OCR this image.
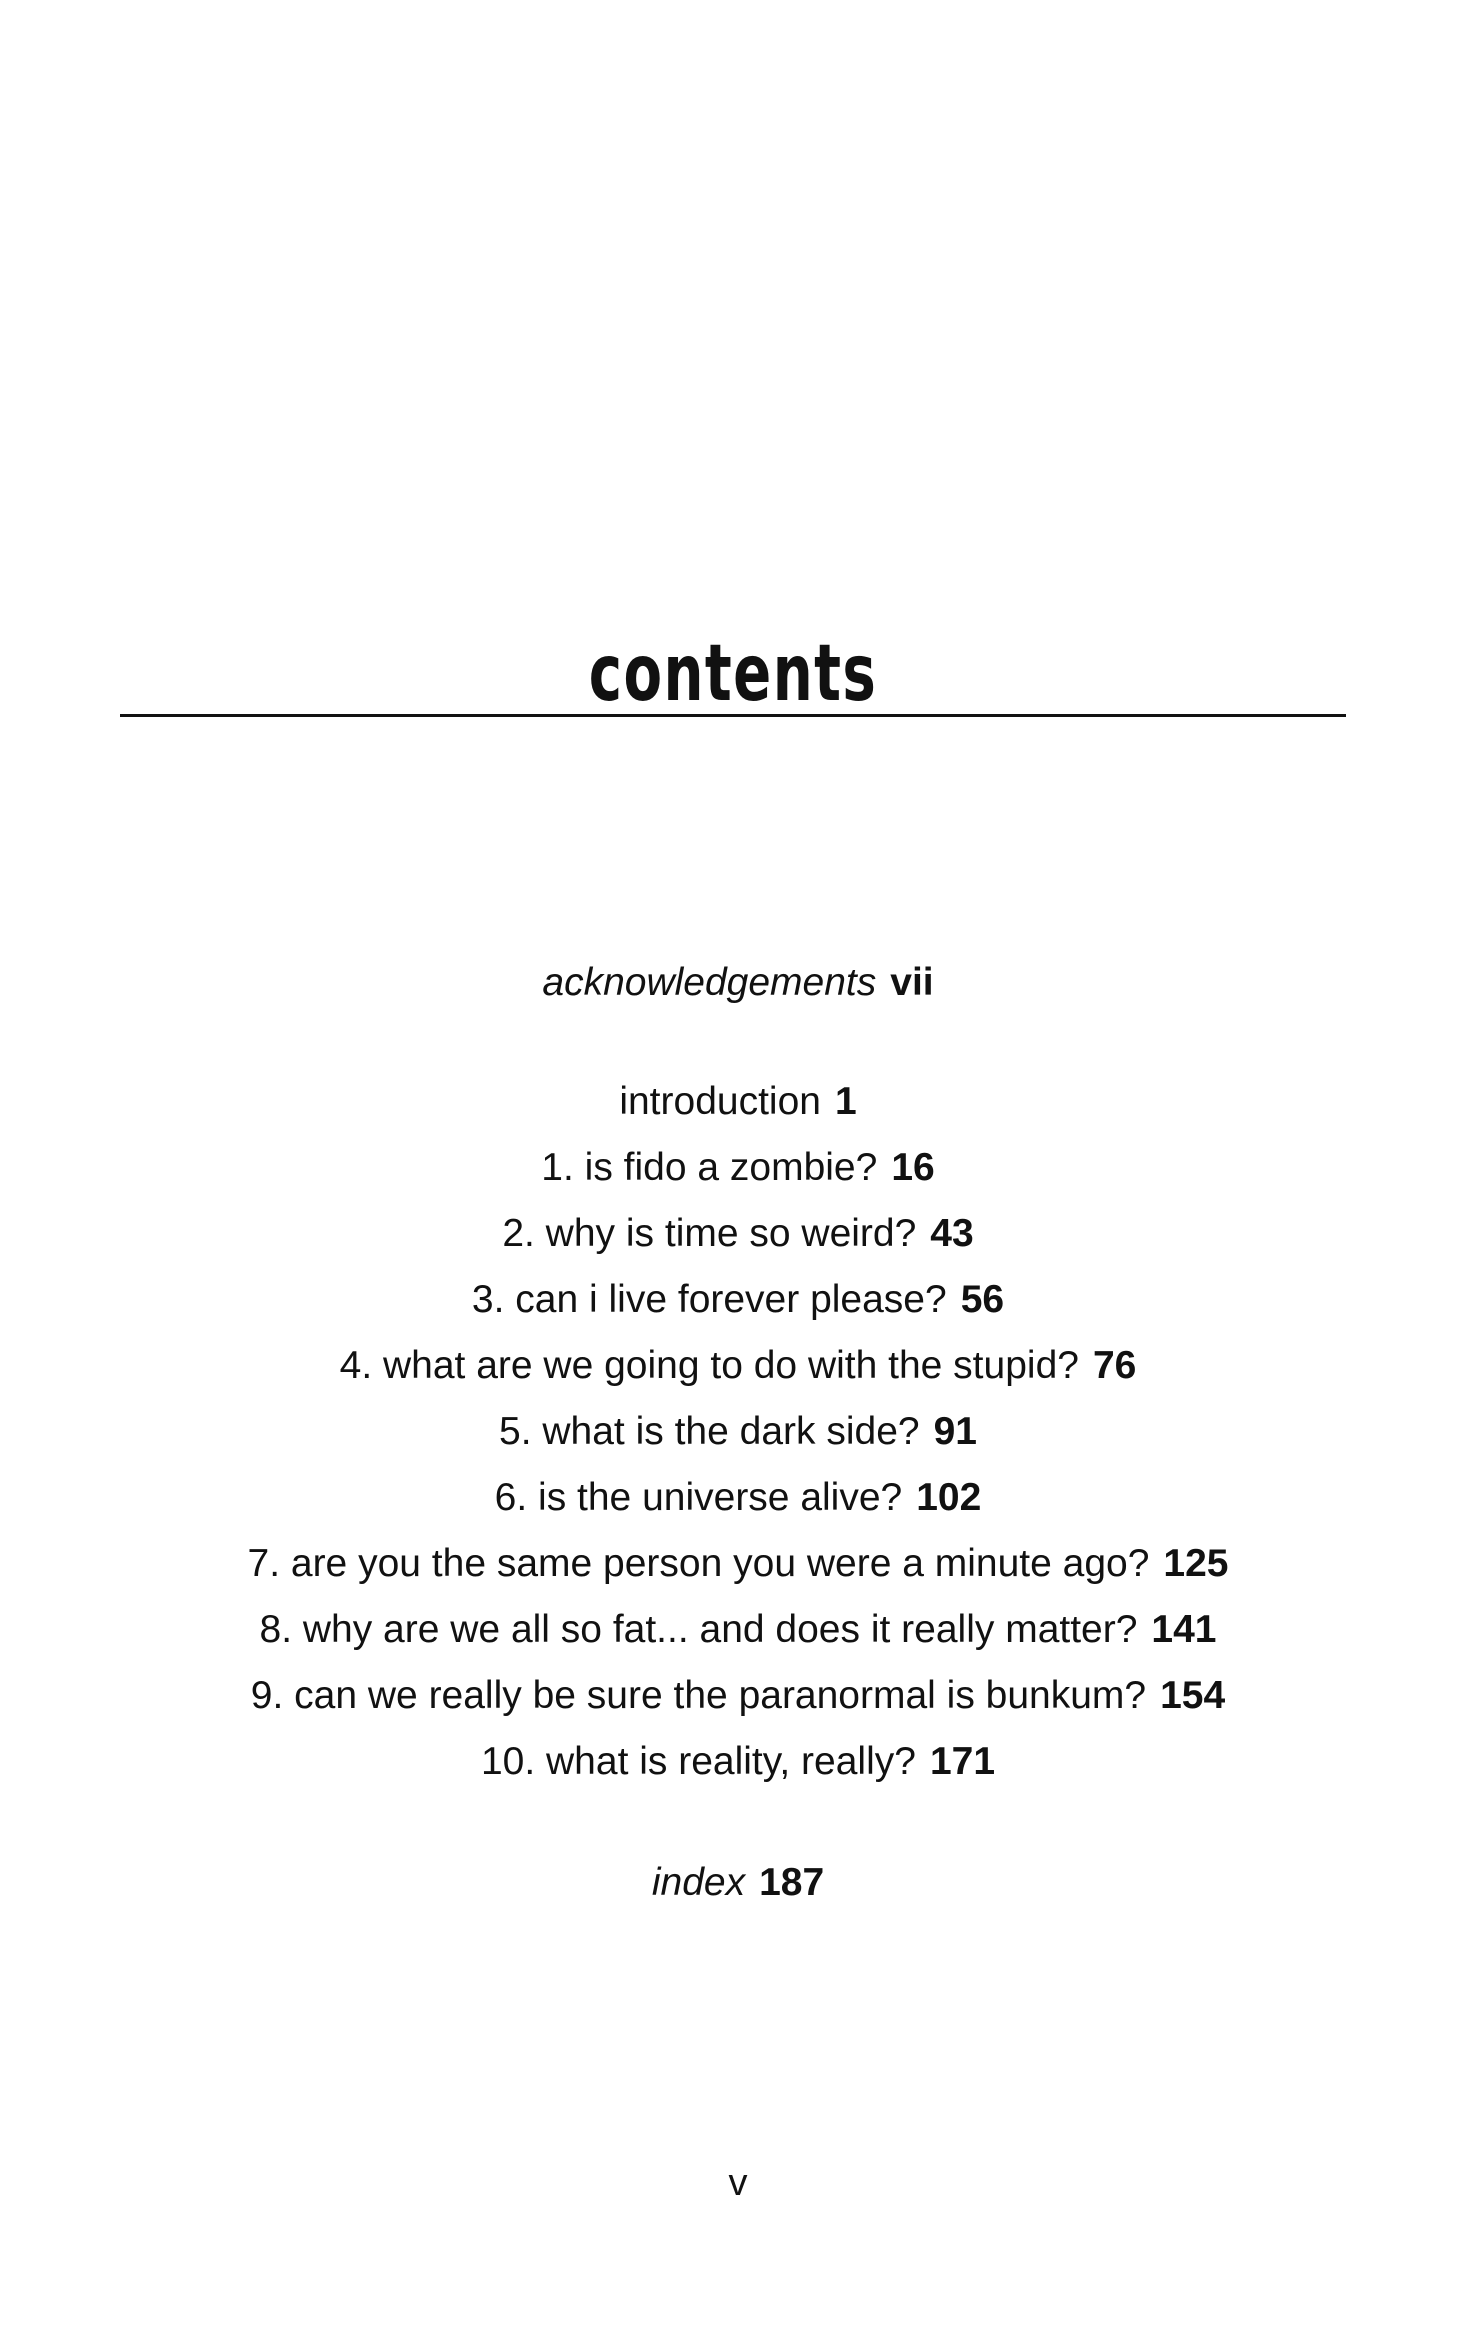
contents
acknowledgements vii
introduction 1
1. is fido a zombie? 16
2. why is time so weird? 43
3. can i live forever please? 56
4. what are we going to do with the stupid? 76
5. what is the dark side? 91
6. is the universe alive? 102
7. are you the same person you were a minute ago? 125
8. why are we all so fat... and does it really matter? 141
9. can we really be sure the paranormal is bunkum? 154
10. what is reality, really? 171
index 187
v
